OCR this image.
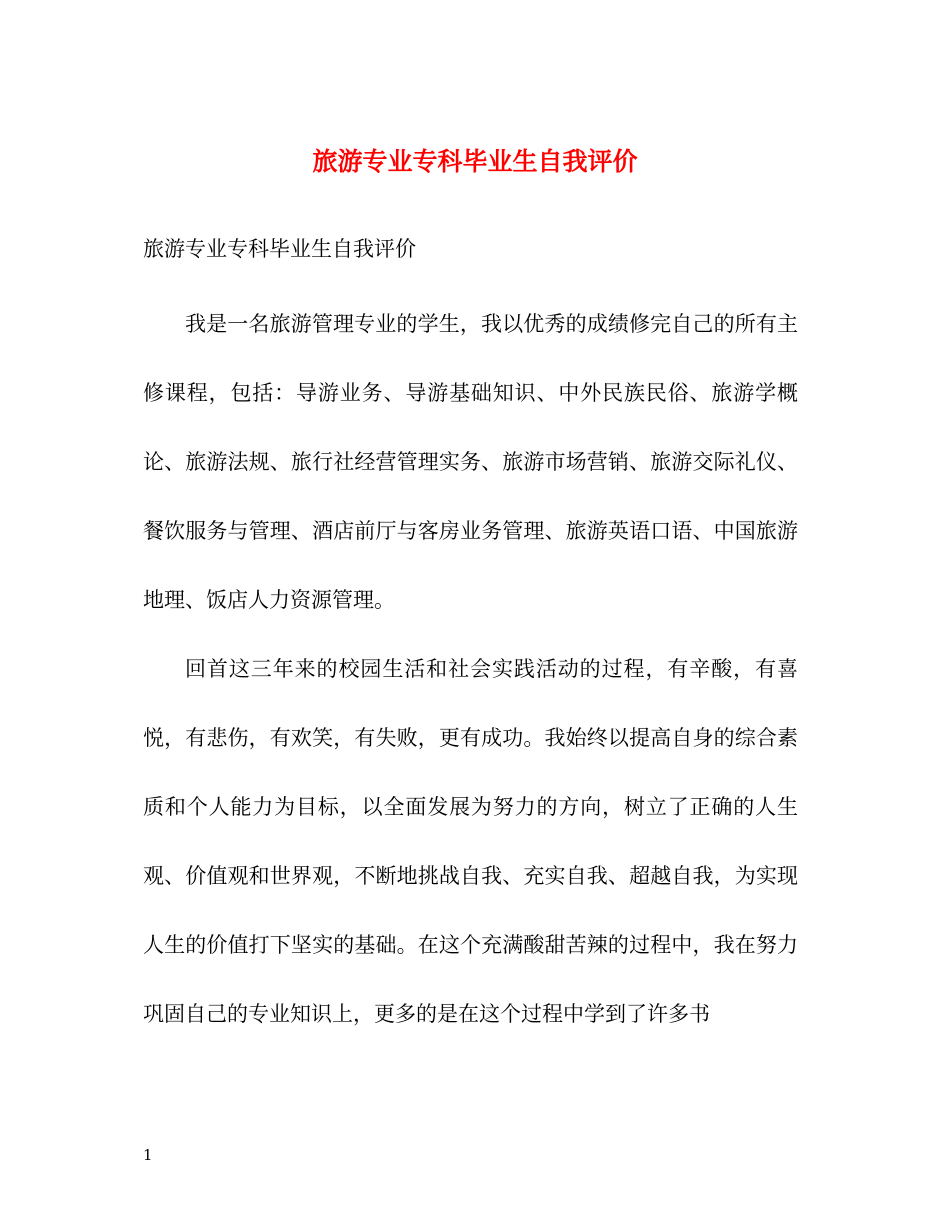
旅游专业专科毕业生自我评价

旅游专业专科毕业生自我评价

我是一名旅游管理专业的学生，我以优秀的成绩修完自己的所有主修课程，包括：导游业务、导游基础知识、中外民族民俗、旅游学概论、旅游法规、旅行社经营管理实务、旅游市场营销、旅游交际礼仪、餐饮服务与管理、酒店前厅与客房业务管理、旅游英语口语、中国旅游地理、饭店人力资源管理。

回首这三年来的校园生活和社会实践活动的过程，有辛酸，有喜悦，有悲伤，有欢笑，有失败，更有成功。我始终以提高自身的综合素质和个人能力为目标，以全面发展为努力的方向，树立了正确的人生观、价值观和世界观，不断地挑战自我、充实自我、超越自我，为实现人生的价值打下坚实的基础。在这个充满酸甜苦辣的过程中，我在努力巩固自己的专业知识上，更多的是在这个过程中学到了许多书

1
